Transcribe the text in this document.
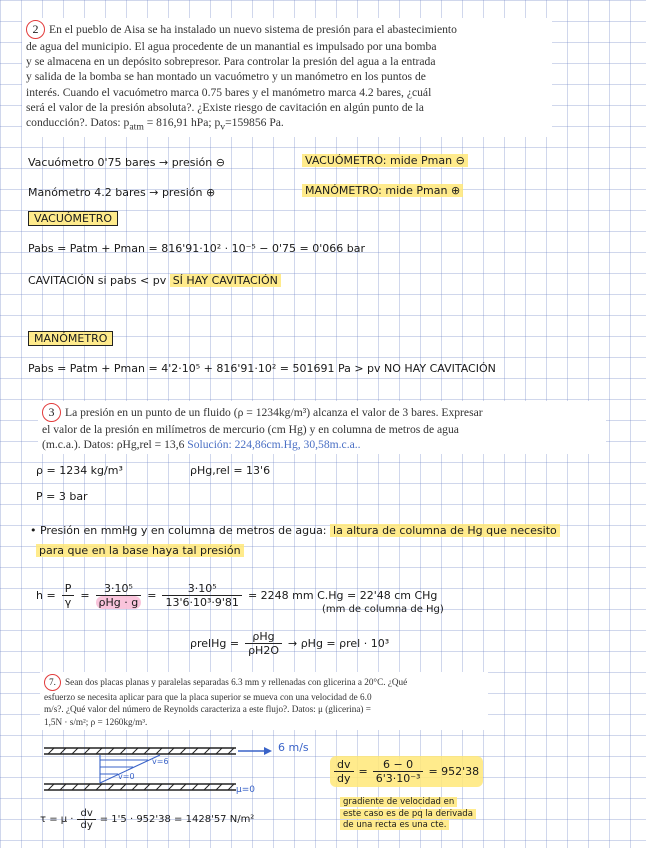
2 En el pueblo de Aisa se ha instalado un nuevo sistema de presión para el abastecimiento
de agua del municipio. El agua procedente de un manantial es impulsado por una bomba
y se almacena en un depósito sobrepresor. Para controlar la presión del agua a la entrada
y salida de la bomba se han montado un vacuómetro y un manómetro en los puntos de
interés. Cuando el vacuómetro marca 0.75 bares y el manómetro marca 4.2 bares, ¿cuál
será el valor de la presión absoluta?. ¿Existe riesgo de cavitación en algún punto de la
conducción?. Datos: $p_{atm} = 816,91$ hPa; $p_v=159856$ Pa.
Vacuómetro 0'75 bares → presión ⊖	VACUÓMETRO: mide Pman ⊖
Manómetro 4.2 bares → presión ⊕	MANÓMETRO: mide Pman ⊕
VACUÓMETRO
Pabs = Patm + Pman = 816'91·10² · 10⁻⁵ − 0'75 = 0'066 bar
CAVITACIÓN si pabs < pv SÍ HAY CAVITACIÓN
MANÓMETRO
Pabs = Patm + Pman = 4'2·10⁵ + 816'91·10² = 501691 Pa > pv NO HAY CAVITACIÓN
3 La presión en un punto de un fluido (ρ = 1234kg/m³) alcanza el valor de 3 bares. Expresar
el valor de la presión en milímetros de mercurio (cm Hg) y en columna de metros de agua
(m.c.a.). Datos: ρHg,rel = 13,6 Solución: 224,86cm.Hg, 30,58m.c.a..
ρ = 1234 kg/m³	ρHg,rel = 13'6
P = 3 bar
• Presión en mmHg y en columna de metros de agua: la altura de columna de Hg que necesito
para que en la base haya tal presión
$h = \frac{P}{\gamma} = \frac{\text{3·10⁵}}{\text{ρHg · g}} = \frac{\text{3·10⁵}}{\text{13'6·10³·9'81}} = 2248$ mm C.Hg = 22'48 cm CHg
(mm de columna de Hg)
ρrelHg = $\frac{\text{ρHg}}{\rho H2O} \to \rho Hg = \rho rel \cdot 10^3$
7. Sean dos placas planas y paralelas separadas 6.3 mm y rellenadas con glicerina a 20°C. ¿Qué
esfuerzo se necesita aplicar para que la placa superior se mueva con una velocidad de 6.0
m/s?. ¿Qué valor del número de Reynolds caracteriza a este flujo?. Datos: μ (glicerina) =
1,5N · s/m²; ρ = 1260kg/m³.
6 m/s
v=6
v=0
μ=0
$\frac{dv}{dy} = \frac{6 - 0}{\text{6'3·10⁻³}} = 952'38$
gradiente de velocidad en
este caso es de pq la derivada
de una recta es una cte.
$\tau = \mu \cdot \frac{dv}{dy} = 1'5 \cdot 952'38 = 1428'57$ N/m²
